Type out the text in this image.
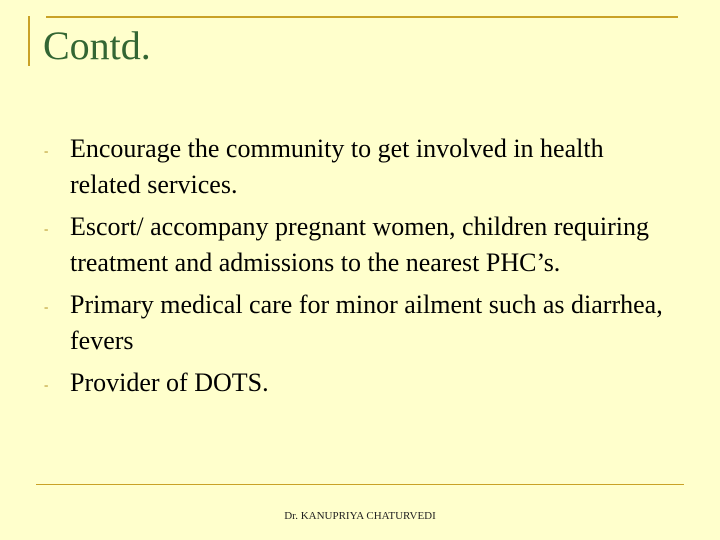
Contd.
- Encourage the community to get involved in health related services.
- Escort/ accompany pregnant women, children requiring treatment and admissions to the nearest PHC’s.
- Primary medical care for minor ailment such as diarrhea, fevers
- Provider of DOTS.
Dr. KANUPRIYA CHATURVEDI
